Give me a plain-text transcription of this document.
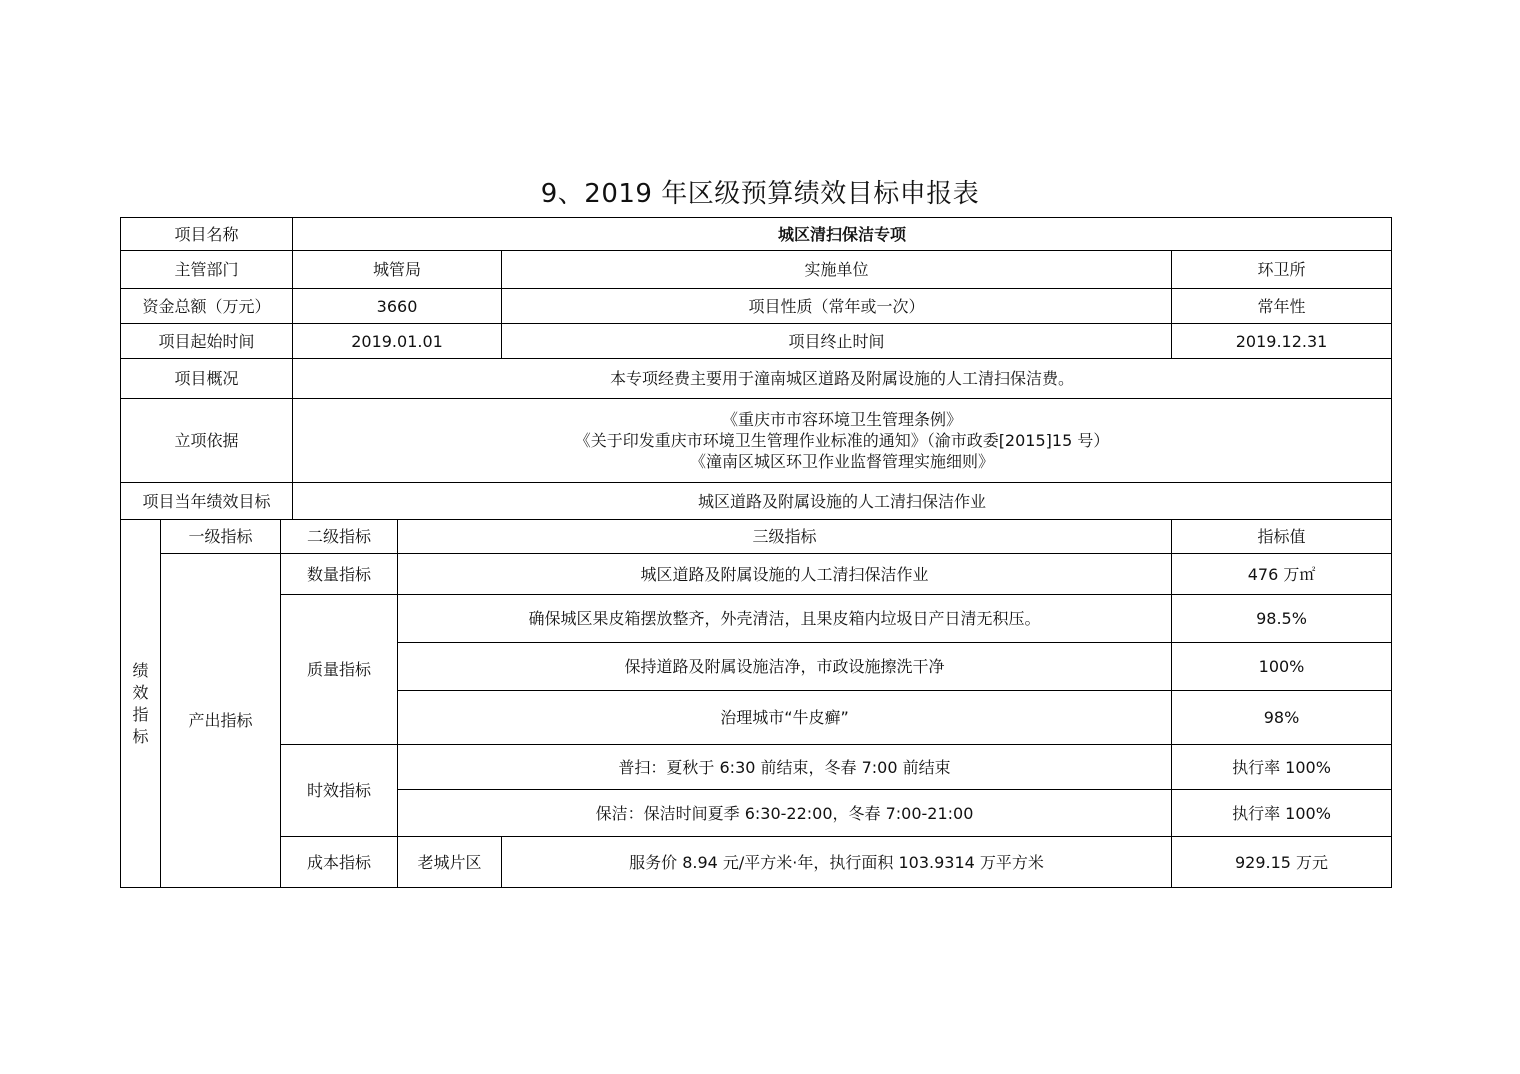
9、2019 年区级预算绩效目标申报表
项目名称			城区清扫保洁专项			
主管部门			城管局		实施单位	环卫所
资金总额（万元）			3660		项目性质（常年或一次）	常年性
项目起始时间			2019.01.01		项目终止时间	2019.12.31
项目概况			本专项经费主要用于潼南城区道路及附属设施的人工清扫保洁费。			
立项依据			《重庆市市容环境卫生管理条例》
《关于印发重庆市环境卫生管理作业标准的通知》（渝市政委[2015]15 号）
《潼南区城区环卫作业监督管理实施细则》			

项目当年绩效目标			城区道路及附属设施的人工清扫保洁作业			
绩效指标	一级指标	二级指标		三级指标		指标值
	产出指标	数量指标		城区道路及附属设施的人工清扫保洁作业		476 万㎡
		质量指标		确保城区果皮箱摆放整齐，外壳清洁，且果皮箱内垃圾日产日清无积压。		98.5%
				保持道路及附属设施洁净，市政设施擦洗干净		100%
				治理城市“牛皮癣”		98%
		时效指标		普扫：夏秋于 6:30 前结束，冬春 7:00 前结束		执行率 100%
				保洁：保洁时间夏季 6:30-22:00，冬春 7:00-21:00		执行率 100%
		成本指标		老城片区	服务价 8.94 元/平方米·年，执行面积 103.9314 万平方米	929.15 万元
